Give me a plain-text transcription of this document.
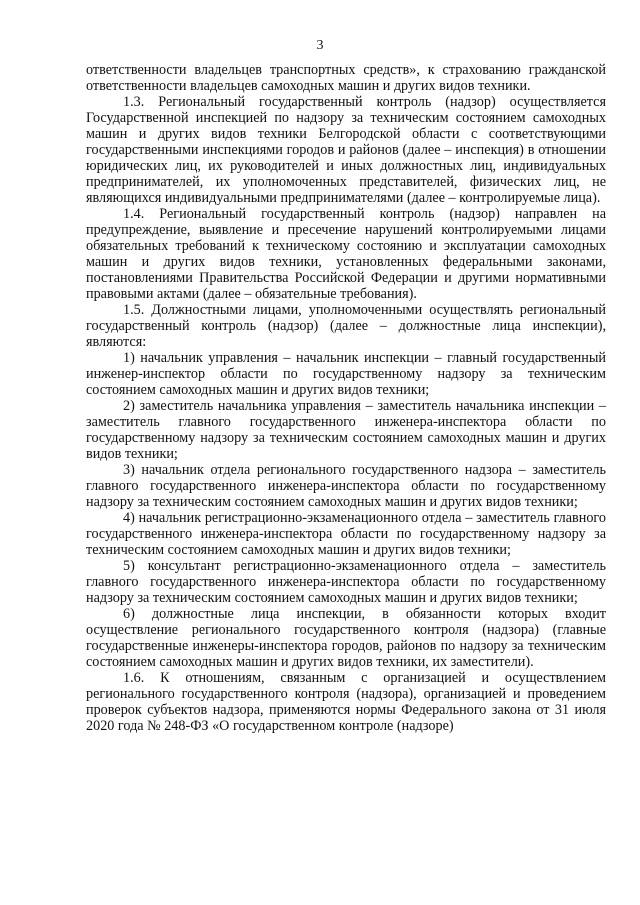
3

ответственности владельцев транспортных средств», к страхованию гражданской ответственности владельцев самоходных машин и других видов техники.

1.3. Региональный государственный контроль (надзор) осуществляется Государственной инспекцией по надзору за техническим состоянием самоходных машин и других видов техники Белгородской области с соответствующими государственными инспекциями городов и районов (далее – инспекция) в отношении юридических лиц, их руководителей и иных должностных лиц, индивидуальных предпринимателей, их уполномоченных представителей, физических лиц, не являющихся индивидуальными предпринимателями (далее – контролируемые лица).

1.4. Региональный государственный контроль (надзор) направлен на предупреждение, выявление и пресечение нарушений контролируемыми лицами обязательных требований к техническому состоянию и эксплуатации самоходных машин и других видов техники, установленных федеральными законами, постановлениями Правительства Российской Федерации и другими нормативными правовыми актами (далее – обязательные требования).

1.5. Должностными лицами, уполномоченными осуществлять региональный государственный контроль (надзор) (далее – должностные лица инспекции), являются:

1) начальник управления – начальник инспекции – главный государственный инженер-инспектор области по государственному надзору за техническим состоянием самоходных машин и других видов техники;

2) заместитель начальника управления – заместитель начальника инспекции – заместитель главного государственного инженера-инспектора области по государственному надзору за техническим состоянием самоходных машин и других видов техники;

3) начальник отдела регионального государственного надзора – заместитель главного государственного инженера-инспектора области по государственному надзору за техническим состоянием самоходных машин и других видов техники;

4) начальник регистрационно-экзаменационного отдела – заместитель главного государственного инженера-инспектора области по государственному надзору за техническим состоянием самоходных машин и других видов техники;

5) консультант регистрационно-экзаменационного отдела – заместитель главного государственного инженера-инспектора области по государственному надзору за техническим состоянием самоходных машин и других видов техники;

6) должностные лица инспекции, в обязанности которых входит осуществление регионального государственного контроля (надзора) (главные государственные инженеры-инспектора городов, районов по надзору за техническим состоянием самоходных машин и других видов техники, их заместители).

1.6. К отношениям, связанным с организацией и осуществлением регионального государственного контроля (надзора), организацией и проведением проверок субъектов надзора, применяются нормы Федерального закона от 31 июля 2020 года № 248-ФЗ «О государственном контроле (надзоре)
